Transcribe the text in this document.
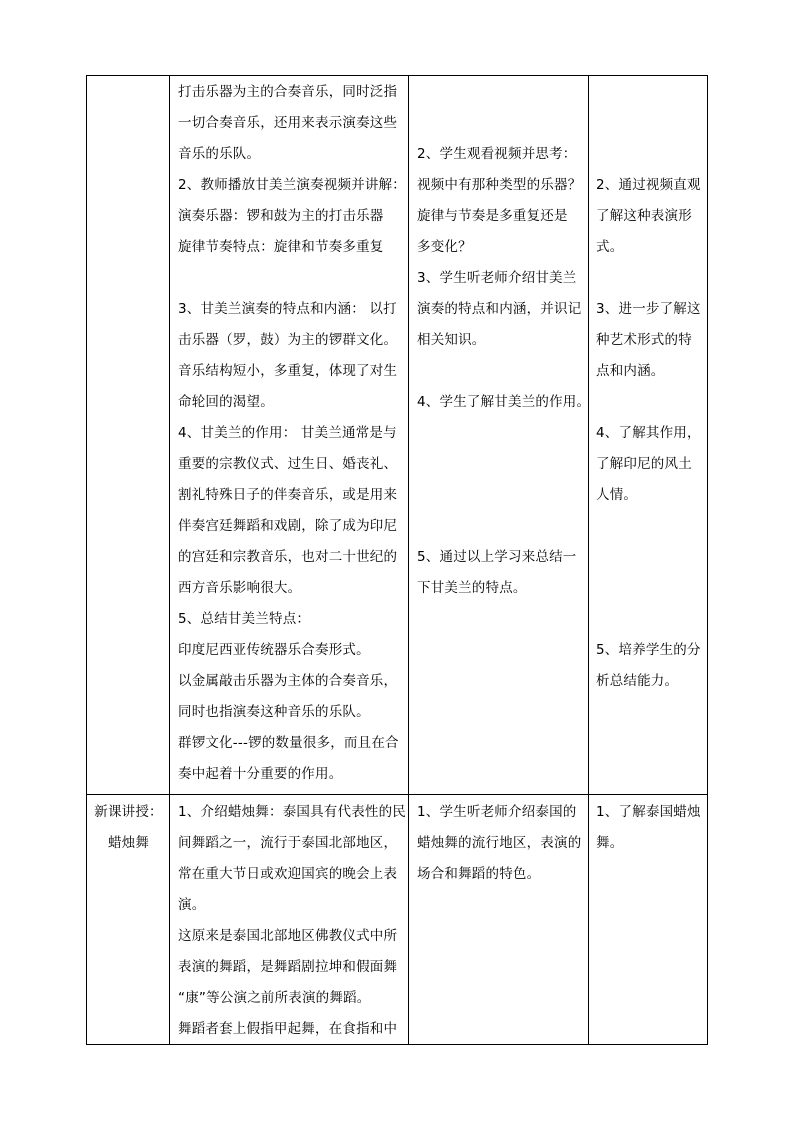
打击乐器为主的合奏音乐，同时泛指

一切合奏音乐，还用来表示演奏这些

音乐的乐队。

2、教师播放甘美兰演奏视频并讲解：

演奏乐器：锣和鼓为主的打击乐器

旋律节奏特点：旋律和节奏多重复

3、甘美兰演奏的特点和内涵： 以打

击乐器（罗，鼓）为主的锣群文化。

音乐结构短小，多重复，体现了对生

命轮回的渴望。

4、甘美兰的作用： 甘美兰通常是与

重要的宗教仪式、过生日、婚丧礼、

割礼特殊日子的伴奏音乐，或是用来

伴奏宫廷舞蹈和戏剧，除了成为印尼

的宫廷和宗教音乐，也对二十世纪的

西方音乐影响很大。

5、总结甘美兰特点：

印度尼西亚传统器乐合奏形式。

以金属敲击乐器为主体的合奏音乐，

同时也指演奏这种音乐的乐队。

群锣文化---锣的数量很多，而且在合

奏中起着十分重要的作用。

2、学生观看视频并思考：

视频中有那种类型的乐器？

旋律与节奏是多重复还是

多变化？

3、学生听老师介绍甘美兰

演奏的特点和内涵，并识记

相关知识。

4、学生了解甘美兰的作用。

5、通过以上学习来总结一

下甘美兰的特点。

2、通过视频直观

了解这种表演形

式。

3、进一步了解这

种艺术形式的特

点和内涵。

4、了解其作用，

了解印尼的风土

人情。

5、培养学生的分

析总结能力。

新课讲授：

蜡烛舞

1、介绍蜡烛舞：泰国具有代表性的民

间舞蹈之一，流行于泰国北部地区，

常在重大节日或欢迎国宾的晚会上表

演。

这原来是泰国北部地区佛教仪式中所

表演的舞蹈，是舞蹈剧拉坤和假面舞

“康”等公演之前所表演的舞蹈。

舞蹈者套上假指甲起舞，在食指和中

1、学生听老师介绍泰国的

蜡烛舞的流行地区，表演的

场合和舞蹈的特色。

1、了解泰国蜡烛

舞。
